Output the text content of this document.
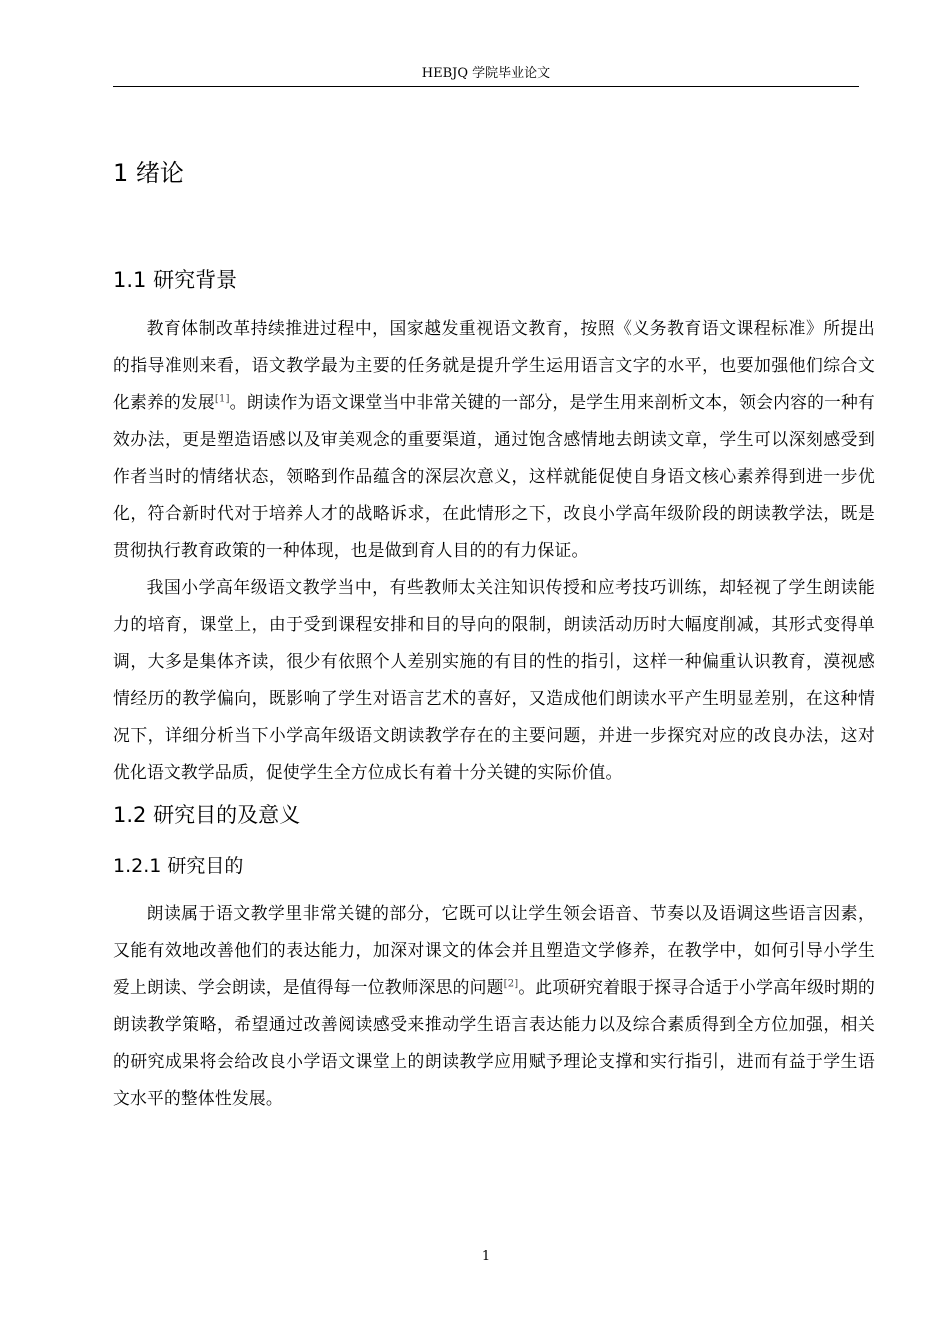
HEBJQ 学院毕业论文
1 绪论
1.1 研究背景

教育体制改革持续推进过程中，国家越发重视语文教育，按照《义务教育语文课程标准》所提出的指导准则来看，语文教学最为主要的任务就是提升学生运用语言文字的水平，也要加强他们综合文化素养的发展[1]。朗读作为语文课堂当中非常关键的一部分，是学生用来剖析文本，领会内容的一种有效办法，更是塑造语感以及审美观念的重要渠道，通过饱含感情地去朗读文章，学生可以深刻感受到作者当时的情绪状态，领略到作品蕴含的深层次意义，这样就能促使自身语文核心素养得到进一步优化，符合新时代对于培养人才的战略诉求，在此情形之下，改良小学高年级阶段的朗读教学法，既是贯彻执行教育政策的一种体现，也是做到育人目的的有力保证。

我国小学高年级语文教学当中，有些教师太关注知识传授和应考技巧训练，却轻视了学生朗读能力的培育，课堂上，由于受到课程安排和目的导向的限制，朗读活动历时大幅度削减，其形式变得单调，大多是集体齐读，很少有依照个人差别实施的有目的性的指引，这样一种偏重认识教育，漠视感情经历的教学偏向，既影响了学生对语言艺术的喜好，又造成他们朗读水平产生明显差别，在这种情况下，详细分析当下小学高年级语文朗读教学存在的主要问题，并进一步探究对应的改良办法，这对优化语文教学品质，促使学生全方位成长有着十分关键的实际价值。

1.2 研究目的及意义
1.2.1 研究目的

朗读属于语文教学里非常关键的部分，它既可以让学生领会语音、节奏以及语调这些语言因素，又能有效地改善他们的表达能力，加深对课文的体会并且塑造文学修养，在教学中，如何引导小学生爱上朗读、学会朗读，是值得每一位教师深思的问题[2]。此项研究着眼于探寻合适于小学高年级时期的朗读教学策略，希望通过改善阅读感受来推动学生语言表达能力以及综合素质得到全方位加强，相关的研究成果将会给改良小学语文课堂上的朗读教学应用赋予理论支撑和实行指引，进而有益于学生语文水平的整体性发展。

1
